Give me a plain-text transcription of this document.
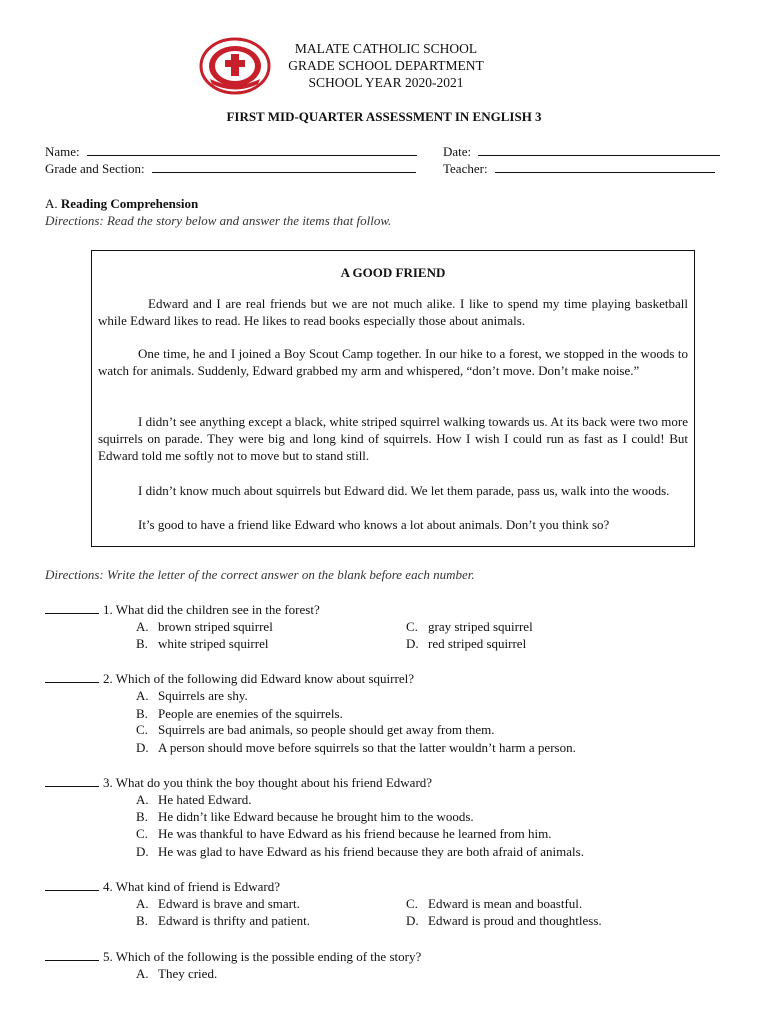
MALATE CATHOLIC SCHOOL
GRADE SCHOOL DEPARTMENT
SCHOOL YEAR 2020-2021
FIRST MID-QUARTER ASSESSMENT IN ENGLISH 3
Name:	Date:
Grade and Section:	Teacher:
A. Reading Comprehension
Directions: Read the story below and answer the items that follow.
A GOOD FRIEND
Edward and I are real friends but we are not much alike. I like to spend my time playing basketball while Edward likes to read. He likes to read books especially those about animals.
One time, he and I joined a Boy Scout Camp together. In our hike to a forest, we stopped in the woods to watch for animals. Suddenly, Edward grabbed my arm and whispered, “don’t move. Don’t make noise.”
I didn’t see anything except a black, white striped squirrel walking towards us. At its back were two more squirrels on parade. They were big and long kind of squirrels. How I wish I could run as fast as I could! But Edward told me softly not to move but to stand still.
I didn’t know much about squirrels but Edward did. We let them parade, pass us, walk into the woods.
It’s good to have a friend like Edward who knows a lot about animals. Don’t you think so?
Directions: Write the letter of the correct answer on the blank before each number.
1. What did the children see in the forest?
A. brown striped squirrel
B. white striped squirrel
C. gray striped squirrel
D. red striped squirrel
2. Which of the following did Edward know about squirrel?
A. Squirrels are shy.
B. People are enemies of the squirrels.
C. Squirrels are bad animals, so people should get away from them.
D. A person should move before squirrels so that the latter wouldn’t harm a person.
3. What do you think the boy thought about his friend Edward?
A. He hated Edward.
B. He didn’t like Edward because he brought him to the woods.
C. He was thankful to have Edward as his friend because he learned from him.
D. He was glad to have Edward as his friend because they are both afraid of animals.
4. What kind of friend is Edward?
A. Edward is brave and smart.
B. Edward is thrifty and patient.
C. Edward is mean and boastful.
D. Edward is proud and thoughtless.
5. Which of the following is the possible ending of the story?
A. They cried.
